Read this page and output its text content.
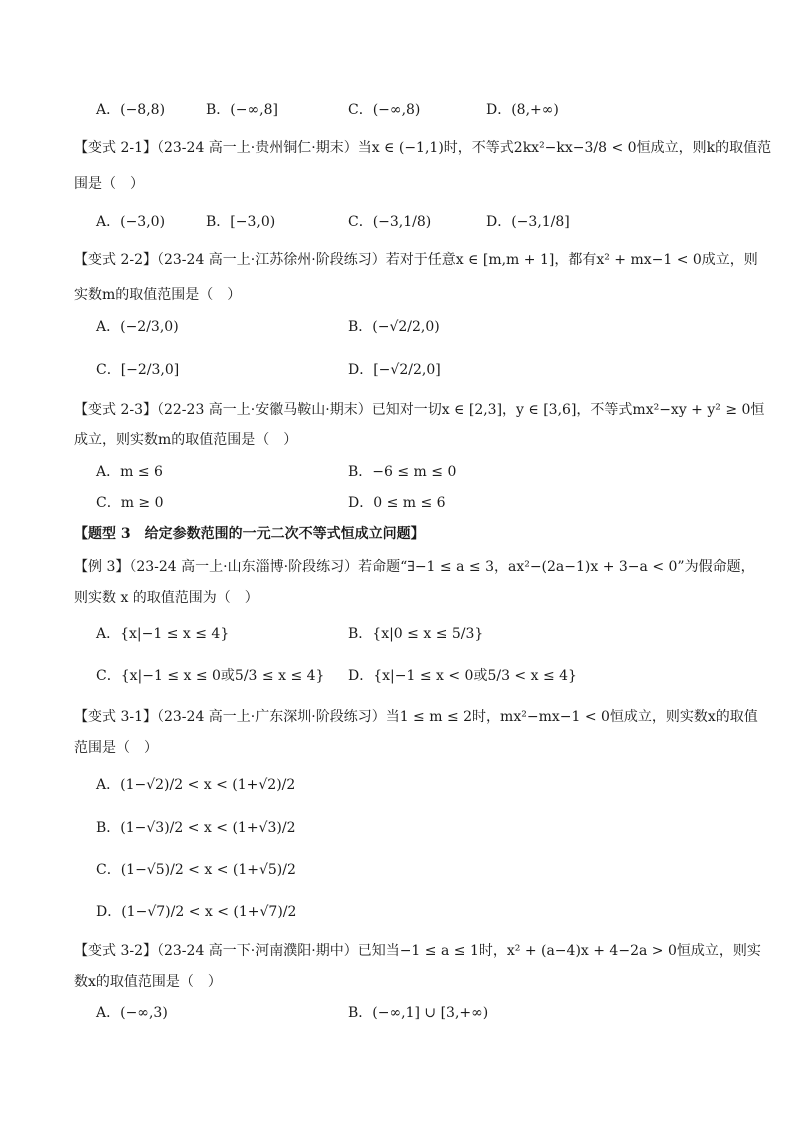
A．(−8,8)	B．(−∞,8]	C．(−∞,8)	D．(8,+∞)
【变式 2-1】（23-24 高一上·贵州铜仁·期末）当x ∈ (−1,1)时，不等式2kx²−kx−3/8 < 0恒成立，则k的取值范
围是（　）
A．(−3,0)	B．[−3,0)	C．(−3,1/8)	D．(−3,1/8]
【变式 2-2】（23-24 高一上·江苏徐州·阶段练习）若对于任意x ∈ [m,m + 1]，都有x² + mx−1 < 0成立，则
实数m的取值范围是（　）
A．(−2/3,0)	B．(−√2/2,0)
C．[−2/3,0]	D．[−√2/2,0]
【变式 2-3】（22-23 高一上·安徽马鞍山·期末）已知对一切x ∈ [2,3]，y ∈ [3,6]，不等式mx²−xy + y² ≥ 0恒
成立，则实数m的取值范围是（　）
A．m ≤ 6	B．−6 ≤ m ≤ 0
C．m ≥ 0	D．0 ≤ m ≤ 6
【题型 3　给定参数范围的一元二次不等式恒成立问题】
【例 3】（23-24 高一上·山东淄博·阶段练习）若命题“∃−1 ≤ a ≤ 3，ax²−(2a−1)x + 3−a < 0”为假命题，
则实数 x 的取值范围为（　）
A．{x|−1 ≤ x ≤ 4}	B．{x|0 ≤ x ≤ 5/3}
C．{x|−1 ≤ x ≤ 0或5/3 ≤ x ≤ 4} D．{x|−1 ≤ x < 0或5/3 < x ≤ 4}
【变式 3-1】（23-24 高一上·广东深圳·阶段练习）当1 ≤ m ≤ 2时，mx²−mx−1 < 0恒成立，则实数x的取值
范围是（　）
A．(1−√2)/2 < x < (1+√2)/2
B．(1−√3)/2 < x < (1+√3)/2
C．(1−√5)/2 < x < (1+√5)/2
D．(1−√7)/2 < x < (1+√7)/2
【变式 3-2】（23-24 高一下·河南濮阳·期中）已知当−1 ≤ a ≤ 1时，x² + (a−4)x + 4−2a > 0恒成立，则实
数x的取值范围是（　）
A．(−∞,3)	B．(−∞,1] ∪ [3,+∞)
